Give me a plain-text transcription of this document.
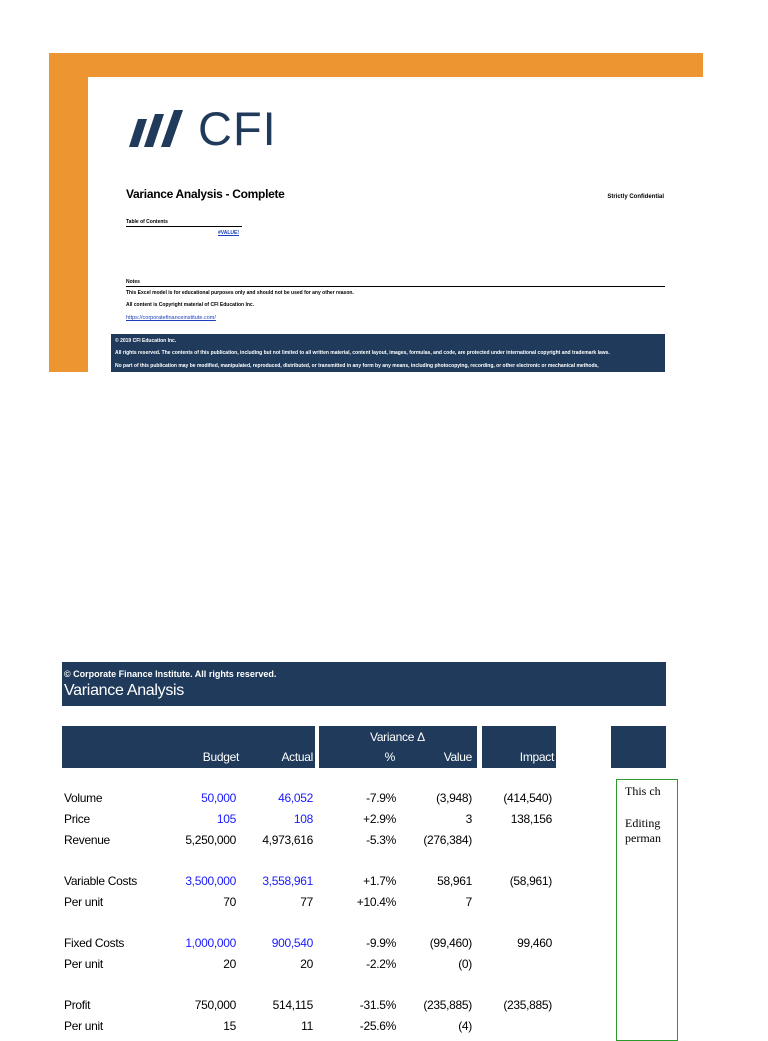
CFI
Variance Analysis - Complete	Strictly Confidential
Table of Contents
#VALUE!
Notes
This Excel model is for educational purposes only and should not be used for any other reason.
All content is Copyright material of CFI Education Inc.
https://corporatefinanceinstitute.com/
© 2019 CFI Education Inc.
All rights reserved. The contents of this publication, including but not limited to all written material, content layout, images, formulas, and code, are protected under international copyright and trademark laws.
No part of this publication may be modified, manipulated, reproduced, distributed, or transmitted in any form by any means, including photocopying, recording, or other electronic or mechanical methods,
© Corporate Finance Institute. All rights reserved.
Variance Analysis
Budget	Actual
Variance Δ
%	Value	Impact
Volume	50,000	46,052	-7.9%	(3,948)	(414,540)
Price	105	108	+2.9%	3	138,156
Revenue	5,250,000 4,973,616	-5.3% (276,384)
Variable Costs	3,500,000 3,558,961	+1.7%	58,961	(58,961)
Per unit	70	77	+10.4%	7
Fixed Costs	1,000,000	900,540	-9.9%	(99,460)	99,460
Per unit	20	20	-2.2%	(0)
Profit	750,000	514,115	-31.5% (235,885)	(235,885)
Per unit	15	11	-25.6%	(4)
This ch
Editing
perman
